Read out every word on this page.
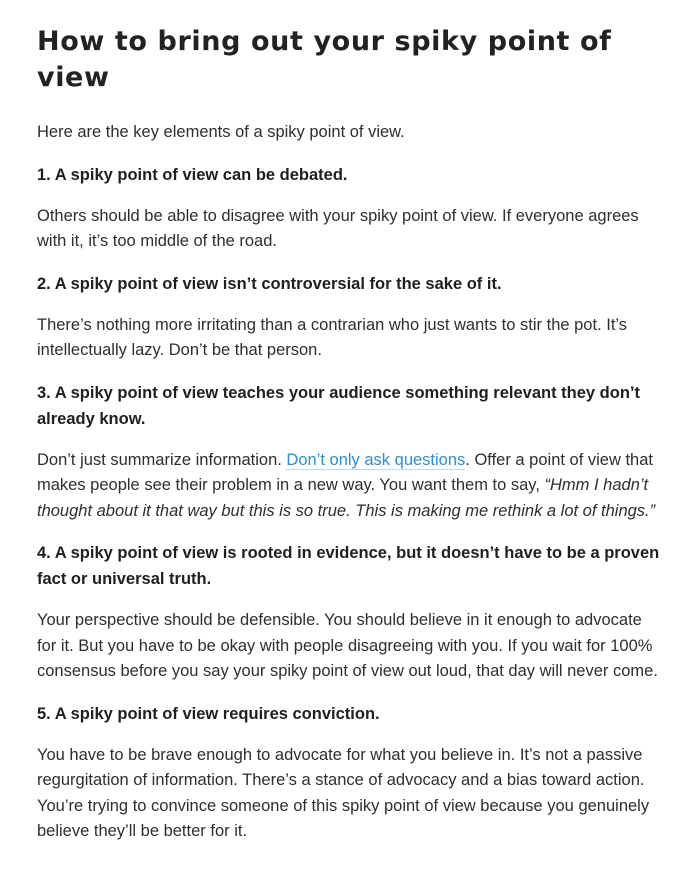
How to bring out your spiky point of view

Here are the key elements of a spiky point of view.

1. A spiky point of view can be debated.

Others should be able to disagree with your spiky point of view. If everyone agrees with it, it’s too middle of the road.

2. A spiky point of view isn’t controversial for the sake of it.

There’s nothing more irritating than a contrarian who just wants to stir the pot. It’s intellectually lazy. Don’t be that person.

3. A spiky point of view teaches your audience something relevant they don’t already know.

Don’t just summarize information. Don’t only ask questions. Offer a point of view that makes people see their problem in a new way. You want them to say, “Hmm I hadn’t thought about it that way but this is so true. This is making me rethink a lot of things.”

4. A spiky point of view is rooted in evidence, but it doesn’t have to be a proven fact or universal truth.

Your perspective should be defensible. You should believe in it enough to advocate for it. But you have to be okay with people disagreeing with you. If you wait for 100% consensus before you say your spiky point of view out loud, that day will never come.

5. A spiky point of view requires conviction.

You have to be brave enough to advocate for what you believe in. It’s not a passive regurgitation of information. There’s a stance of advocacy and a bias toward action. You’re trying to convince someone of this spiky point of view because you genuinely believe they’ll be better for it.
